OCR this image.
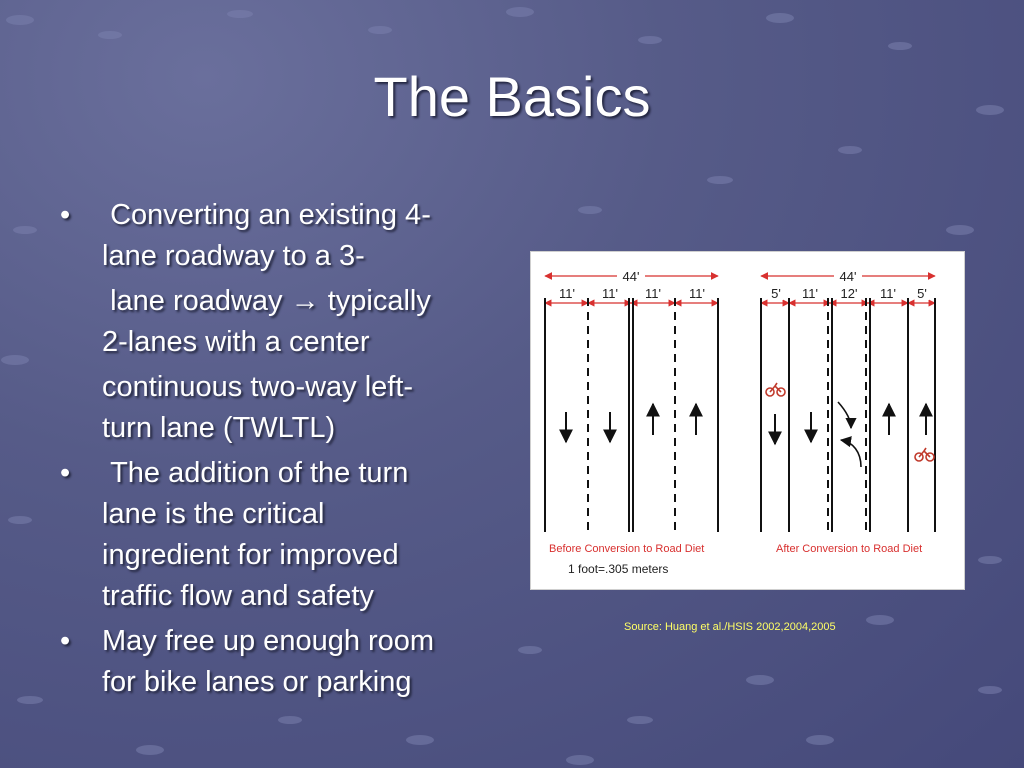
The Basics
•	Converting an existing 4-
lane roadway to a 3-
lane roadway → typically
2-lanes with a center
continuous two-way left-
turn lane (TWLTL)
•	The addition of the turn
lane is the critical
ingredient for improved
traffic flow and safety
•	May free up enough room
for bike lanes or parking
44'
11' 11' 11' 11'
44'
5' 11' 12' 11' 5'
Before Conversion to Road Diet	After Conversion to Road Diet
1 foot=.305 meters
Source: Huang et al./HSIS 2002,2004,2005
